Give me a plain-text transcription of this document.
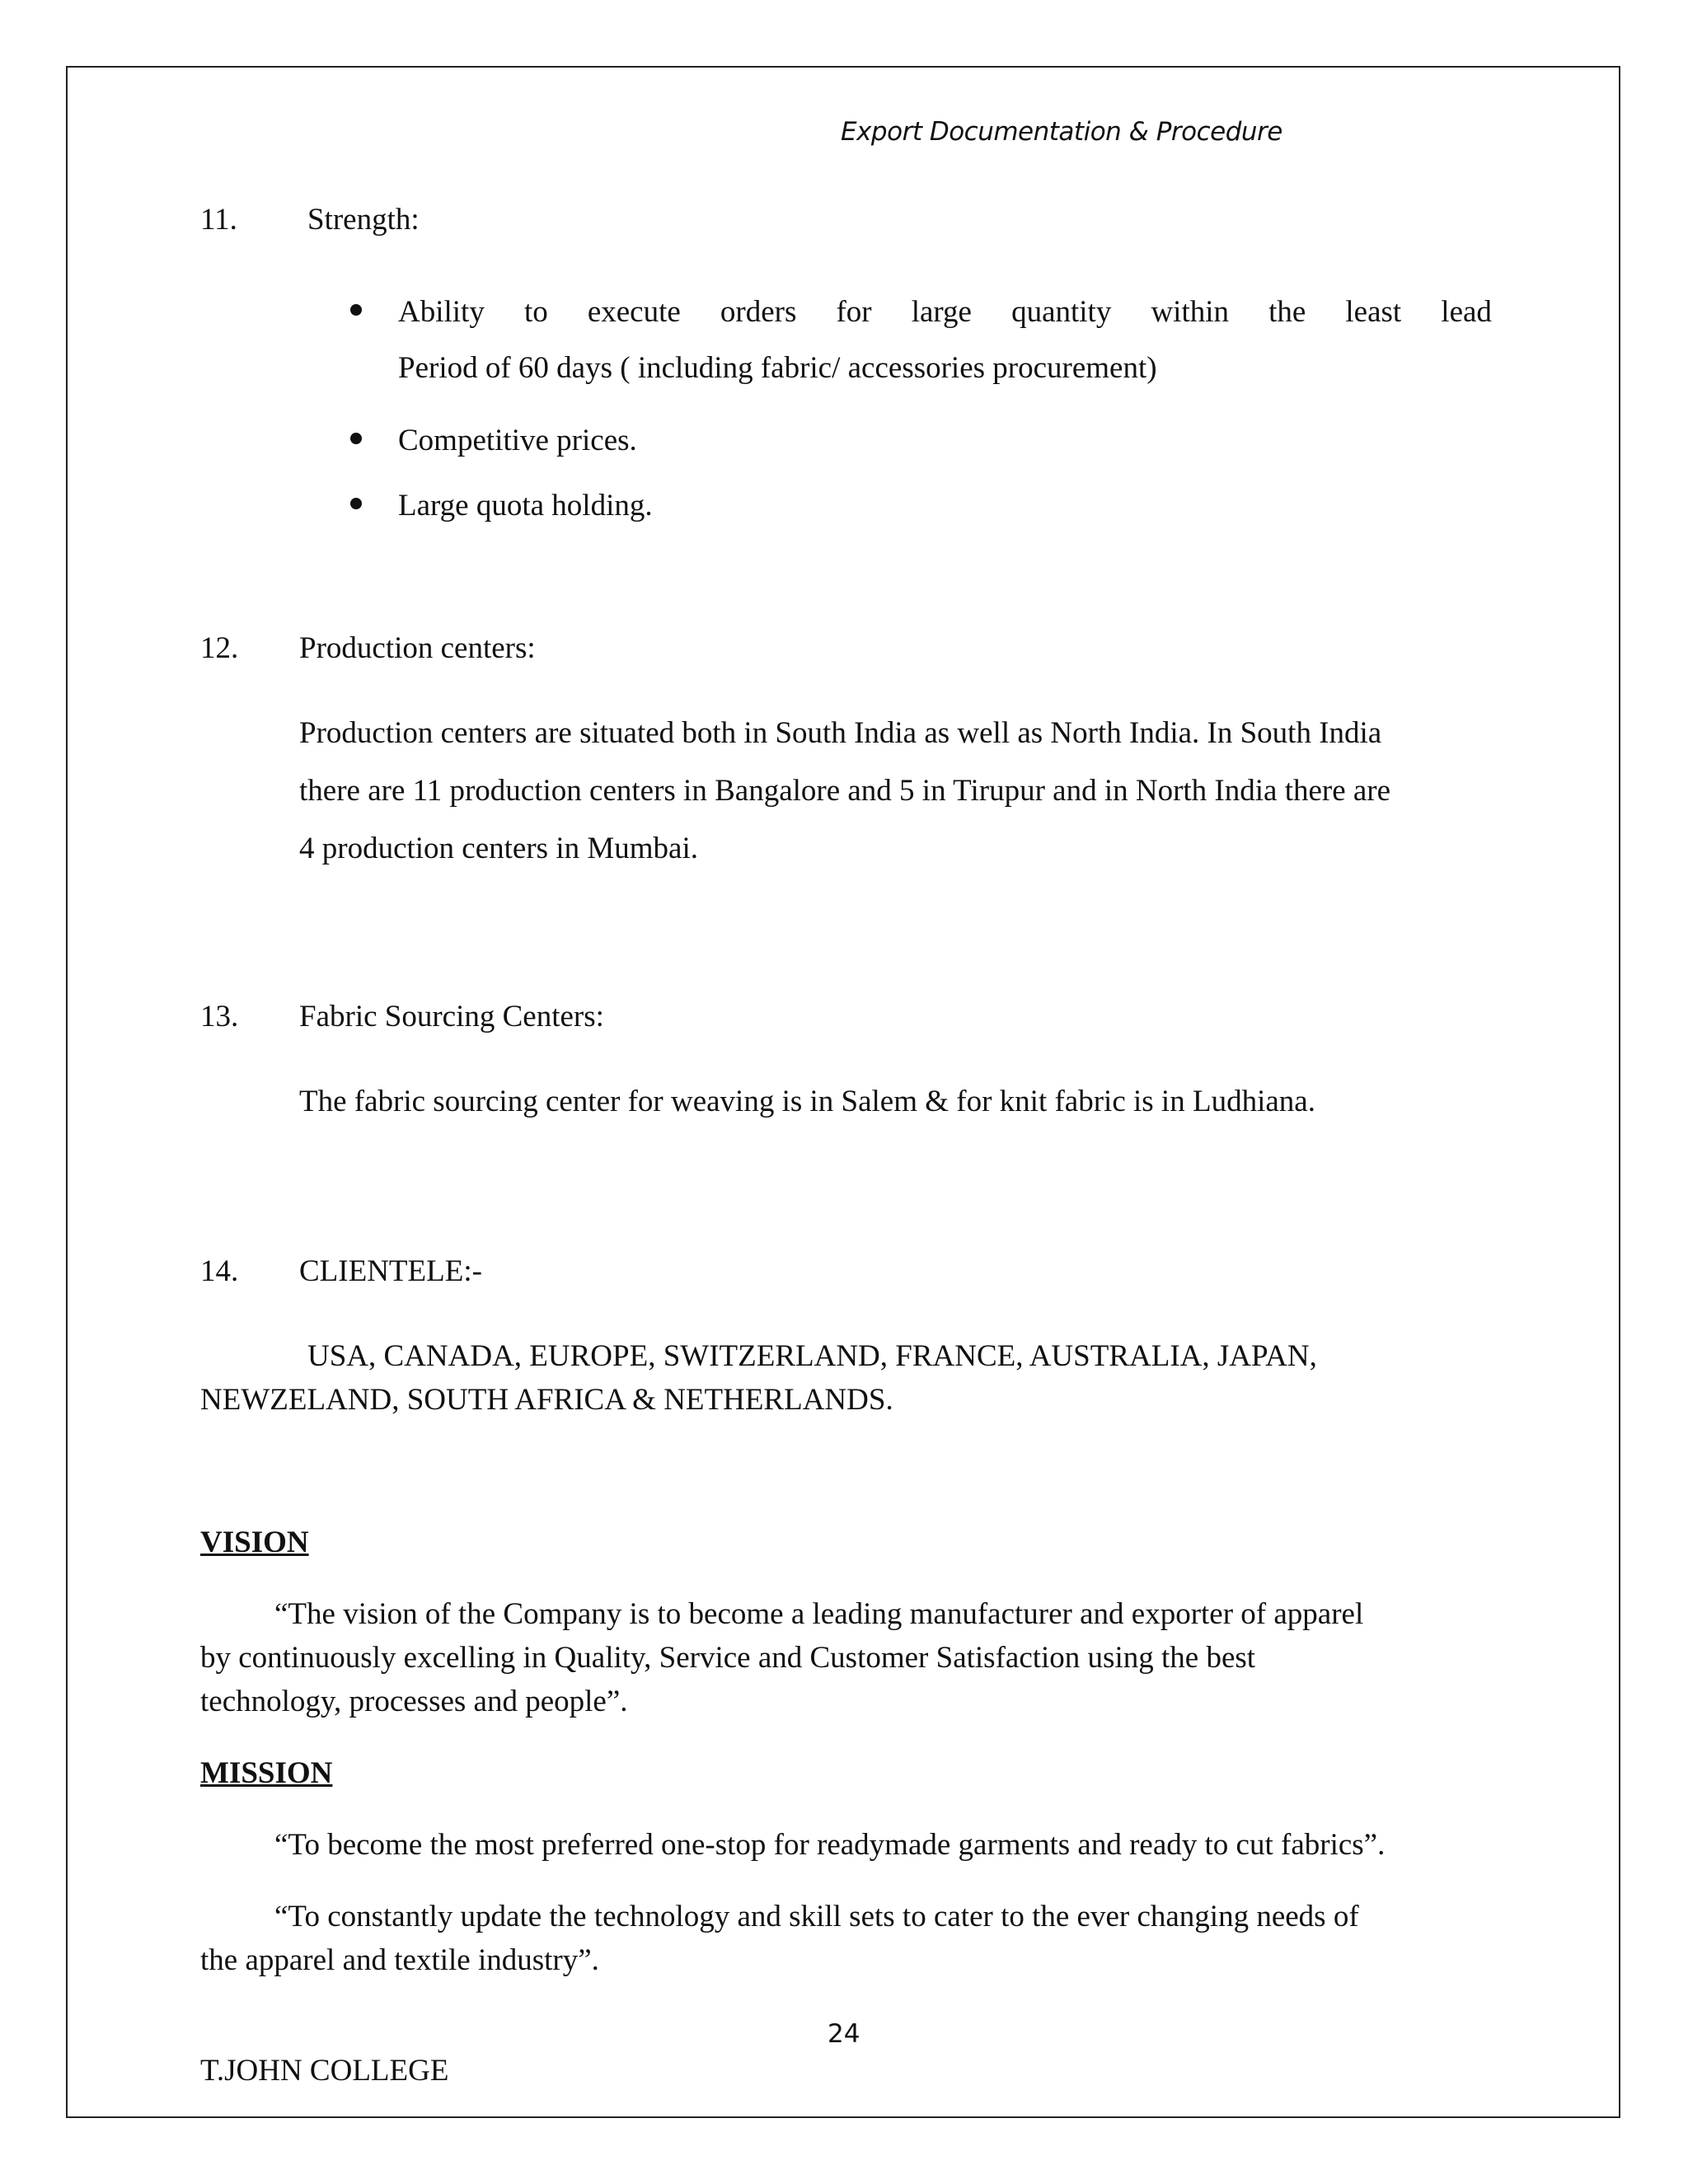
Export Documentation & Procedure

11. Strength:

Ability to execute orders for large quantity within the least lead

Period of 60 days ( including fabric/ accessories procurement)

Competitive prices.

Large quota holding.

12. Production centers:

Production centers are situated both in South India as well as North India. In South India

there are 11 production centers in Bangalore and 5 in Tirupur and in North India there are

4 production centers in Mumbai.

13. Fabric Sourcing Centers:

The fabric sourcing center for weaving is in Salem & for knit fabric is in Ludhiana.

14. CLIENTELE:-

USA, CANADA, EUROPE, SWITZERLAND, FRANCE, AUSTRALIA, JAPAN,

NEWZELAND, SOUTH AFRICA & NETHERLANDS.

VISION

“The vision of the Company is to become a leading manufacturer and exporter of apparel

by continuously excelling in Quality, Service and Customer Satisfaction using the best

technology, processes and people”.

MISSION

“To become the most preferred one-stop for readymade garments and ready to cut fabrics”.

“To constantly update the technology and skill sets to cater to the ever changing needs of

the apparel and textile industry”.

24

T.JOHN COLLEGE
